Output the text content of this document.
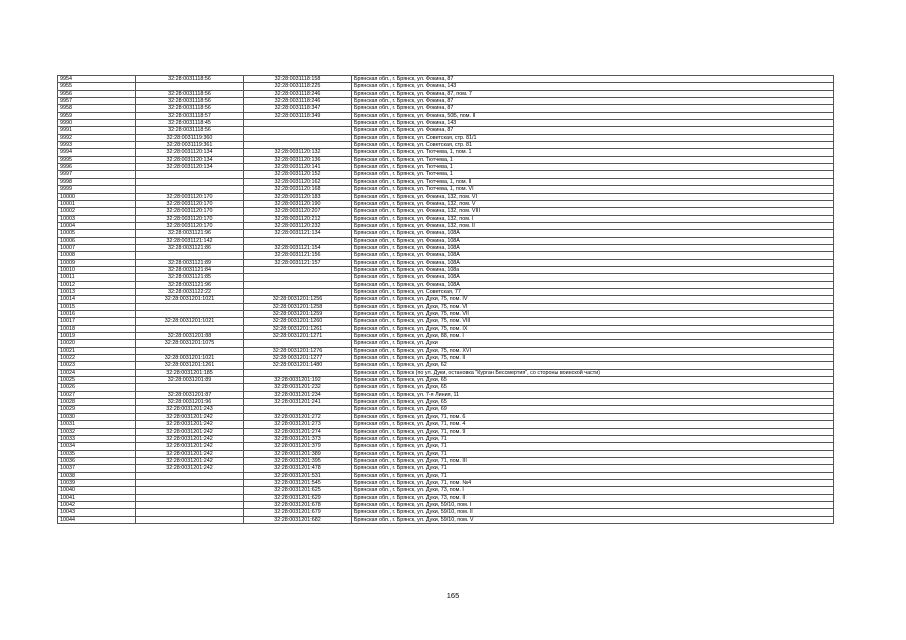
9954	32:28:0031118:56	32:28:0031118:158	Брянская обл., г. Брянск, ул. Фокина, 87
9955		32:28:0031118:225	Брянская обл., г. Брянск, ул. Фокина, 143
9956	32:28:0031118:56	32:28:0031118:246	Брянская обл., г. Брянск, ул. Фокина, 87, пом. 7
9957	32:28:0031118:56	32:28:0031118:246	Брянская обл., г. Брянск, ул. Фокина, 87
9958	32:28:0031118:56	32:28:0031118:347	Брянская обл., г. Брянск, ул. Фокина, 87
9959	32:28:0031118:57	32:28:0031118:349	Брянская обл., г. Брянск, ул. Фокина, 50Б, пом. II
9990	32:28:0031118:45		Брянская обл., г. Брянск, ул. Фокина, 143
9991	32:28:0031118:56		Брянская обл., г. Брянск, ул. Фокина, 87
9992	32:28:0031119:360		Брянская обл., г. Брянск, ул. Советская, стр. 81/1
9993	32:28:0031119:361		Брянская обл., г. Брянск, ул. Советская, стр. 81
9994	32:28:0031120:134	32:28:0031120:132	Брянская обл., г. Брянск, ул. Тютчева, 1, пом. 1
9995	32:28:0031120:134	32:28:0031120:136	Брянская обл., г. Брянск, ул. Тютчева, 1
9996	32:28:0031120:134	32:28:0031120:141	Брянская обл., г. Брянск, ул. Тютчева, 1
9997		32:28:0031120:152	Брянская обл., г. Брянск, ул. Тютчева, 1
9998		32:28:0031120:162	Брянская обл., г. Брянск, ул. Тютчева, 1, пом. II
9999		32:28:0031120:168	Брянская обл., г. Брянск, ул. Тютчева, 1, пом. VI
10000	32:28:0031120:170	32:28:0031120:183	Брянская обл., г. Брянск, ул. Фокина, 132, пом. VI
10001	32:28:0031120:170	32:28:0031120:190	Брянская обл., г. Брянск, ул. Фокина, 132, пом. V
10002	32:28:0031120:170	32:28:0031120:207	Брянская обл., г. Брянск, ул. Фокина, 132, пом. VIII
10003	32:28:0031120:170	32:28:0031120:212	Брянская обл., г. Брянск, ул. Фокина, 132, пом. I
10004	32:28:0031120:170	32:28:0031120:232	Брянская обл., г. Брянск, ул. Фокина, 132, пом. II
10005	32:28:0031121:96	32:28:0031121:134	Брянская обл., г. Брянск, ул. Фокина, 108А
10006	32:28:0031121:142		Брянская обл., г. Брянск, ул. Фокина, 108А
10007	32:28:0031121:86	32:28:0031121:154	Брянская обл., г. Брянск, ул. Фокина, 108А
10008		32:28:0031121:156	Брянская обл., г. Брянск, ул. Фокина, 108А
10009	32:28:0031121:89	32:28:0031121:157	Брянская обл., г. Брянск, ул. Фокина, 108А
10010	32:28:0031121:84		Брянская обл., г. Брянск, ул. Фокина, 108а
10011	32:28:0031121:85		Брянская обл., г. Брянск, ул. Фокина, 108А
10012	32:28:0031121:96		Брянская обл., г. Брянск, ул. Фокина, 108А
10013	32:28:0031122:22		Брянская обл., г. Брянск, ул. Советская, 77
10014	32:28:0031201:1021	32:28:0031201:1256	Брянская обл., г. Брянск, ул. Дуки, 75, пом. IV
10015		32:28:0031201:1258	Брянская обл., г. Брянск, ул. Дуки, 75, пом. VI
10016		32:28:0031201:1259	Брянская обл., г. Брянск, ул. Дуки, 75, пом. VII
10017	32:28:0031201:1021	32:28:0031201:1260	Брянская обл., г. Брянск, ул. Дуки, 75, пом. VIII
10018		32:28:0031201:1261	Брянская обл., г. Брянск, ул. Дуки, 75, пом. IX
10019	32:28:0031201:88	32:28:0031201:1271	Брянская обл., г. Брянск, ул. Дуки, 88, пом. I
10020	32:28:0031201:1075		Брянская обл., г. Брянск, ул. Дуки
10021		32:28:0031201:1276	Брянская обл., г. Брянск, ул. Дуки, 75, пом. XVI
10022	32:28:0031201:1021	32:28:0031201:1277	Брянская обл., г. Брянск, ул. Дуки, 75, пом. II
10023	32:28:0031201:1261	32:28:0031201:1480	Брянская обл., г. Брянск, ул. Дуки, 62
10024	32:28:0031201:185		Брянская обл., г. Брянск (по ул. Дуки, остановка "Курган Бессмертия", со стороны воинской части)
10025	32:28:0031201:89	32:28:0031201:192	Брянская обл., г. Брянск, ул. Дуки, 65
10026		32:28:0031201:232	Брянская обл., г. Брянск, ул. Дуки, 65
10027	32:28:0031201:87	32:28:0031201:234	Брянская обл., г. Брянск, ул. 7-я Линия, 11
10028	32:28:0031201:96	32:28:0031201:241	Брянская обл., г. Брянск, ул. Дуки, 65
10029	32:28:0031201:243		Брянская обл., г. Брянск, ул. Дуки, 69
10030	32:28:0031201:242	32:28:0031201:272	Брянская обл., г. Брянск, ул. Дуки, 71, пом. 6
10031	32:28:0031201:242	32:28:0031201:273	Брянская обл., г. Брянск, ул. Дуки, 71, пом. 4
10032	32:28:0031201:242	32:28:0031201:274	Брянская обл., г. Брянск, ул. Дуки, 71, пом. 9
10033	32:28:0031201:242	32:28:0031201:373	Брянская обл., г. Брянск, ул. Дуки, 71
10034	32:28:0031201:242	32:28:0031201:379	Брянская обл., г. Брянск, ул. Дуки, 71
10035	32:28:0031201:242	32:28:0031201:389	Брянская обл., г. Брянск, ул. Дуки, 71
10036	32:28:0031201:242	32:28:0031201:395	Брянская обл., г. Брянск, ул. Дуки, 71, пом. III
10037	32:28:0031201:242	32:28:0031201:478	Брянская обл., г. Брянск, ул. Дуки, 71
10038		32:28:0031201:531	Брянская обл., г. Брянск, ул. Дуки, 71
10039		32:28:0031201:545	Брянская обл., г. Брянск, ул. Дуки, 71, пом. №4
10040		32:28:0031201:625	Брянская обл., г. Брянск, ул. Дуки, 73, пом. I
10041		32:28:0031201:629	Брянская обл., г. Брянск, ул. Дуки, 73, пом. II
10042		32:28:0031201:678	Брянская обл., г. Брянск, ул. Дуки, 59/10, пом. I
10043		32:28:0031201:679	Брянская обл., г. Брянск, ул. Дуки, 59/10, пом. II
10044		32:28:0031201:682	Брянская обл., г. Брянск, ул. Дуки, 59/10, пом. V
165
